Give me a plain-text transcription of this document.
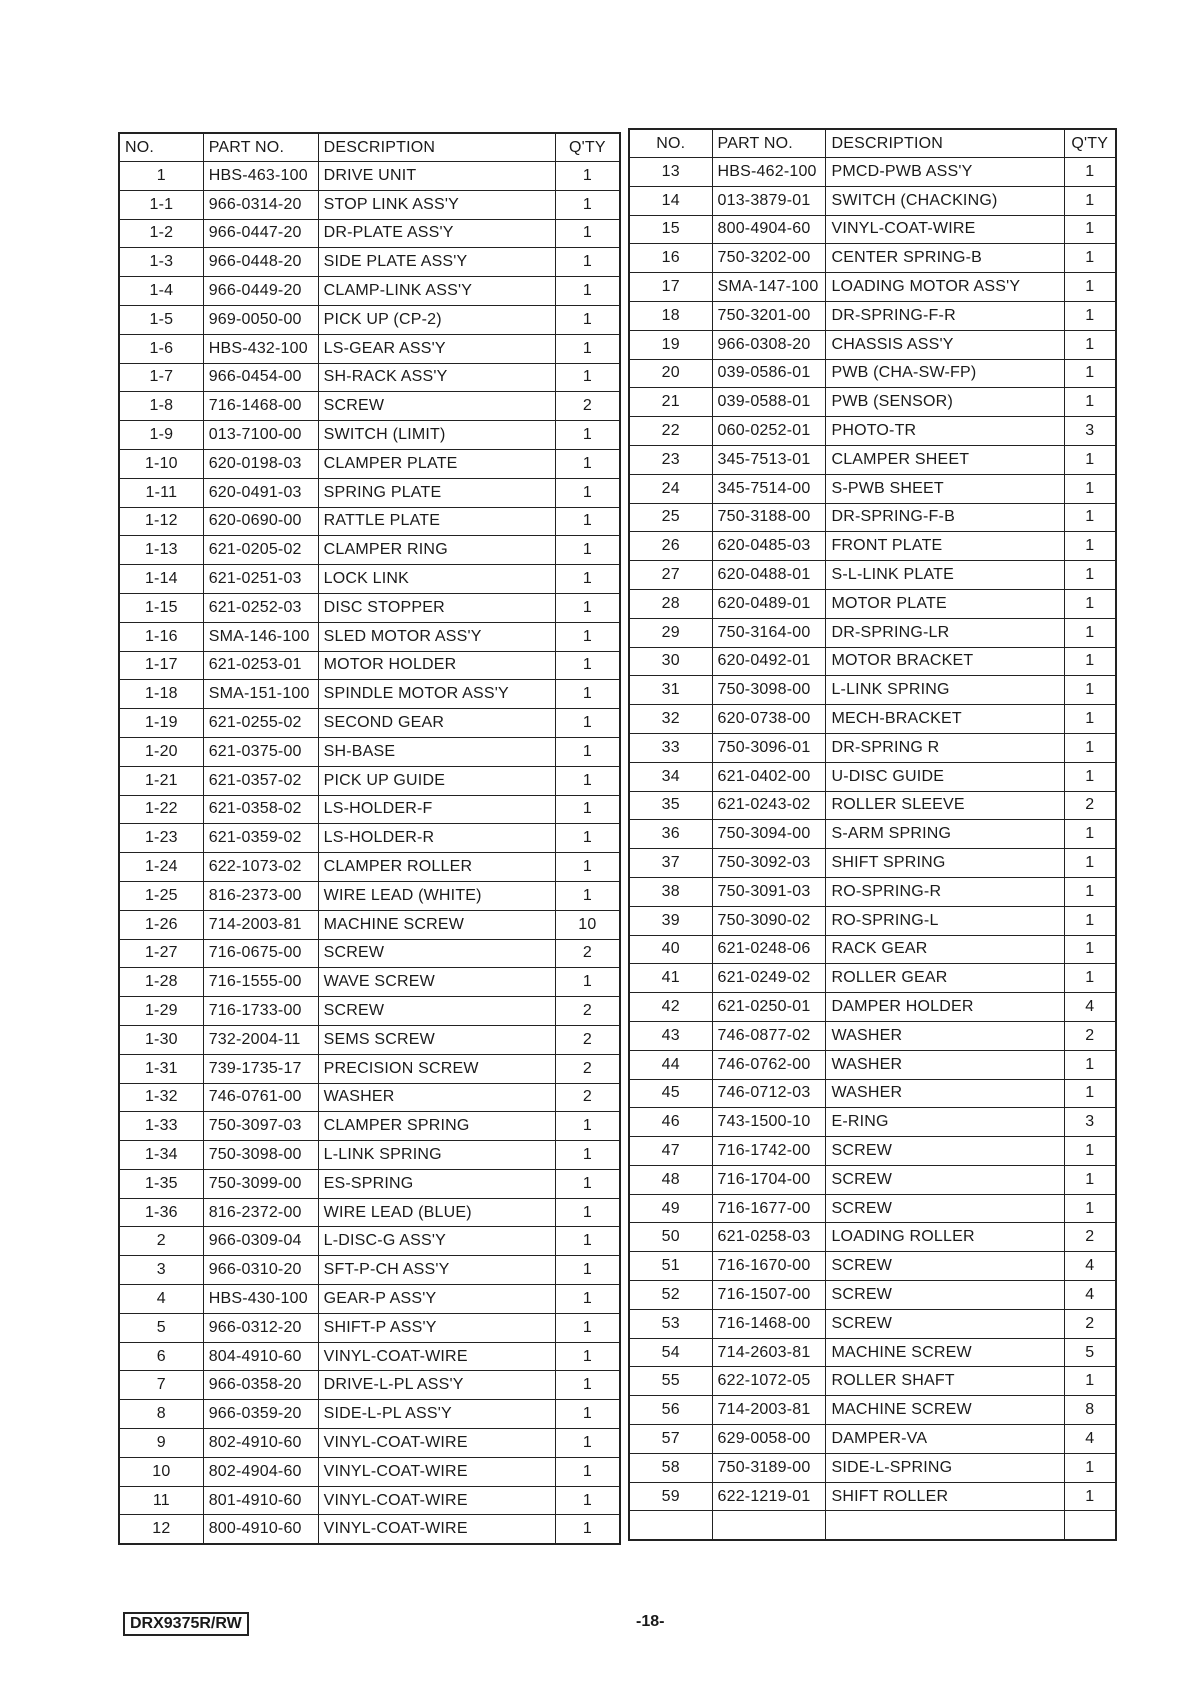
NO.	PART NO.	DESCRIPTION	Q'TY
1	HBS-463-100	DRIVE UNIT	1
1-1	966-0314-20	STOP LINK ASS'Y	1
1-2	966-0447-20	DR-PLATE ASS'Y	1
1-3	966-0448-20	SIDE PLATE ASS'Y	1
1-4	966-0449-20	CLAMP-LINK ASS'Y	1
1-5	969-0050-00	PICK UP (CP-2)	1
1-6	HBS-432-100	LS-GEAR ASS'Y	1
1-7	966-0454-00	SH-RACK ASS'Y	1
1-8	716-1468-00	SCREW	2
1-9	013-7100-00	SWITCH (LIMIT)	1
1-10	620-0198-03	CLAMPER PLATE	1
1-11	620-0491-03	SPRING PLATE	1
1-12	620-0690-00	RATTLE PLATE	1
1-13	621-0205-02	CLAMPER RING	1
1-14	621-0251-03	LOCK LINK	1
1-15	621-0252-03	DISC STOPPER	1
1-16	SMA-146-100	SLED MOTOR ASS'Y	1
1-17	621-0253-01	MOTOR HOLDER	1
1-18	SMA-151-100	SPINDLE MOTOR ASS'Y	1
1-19	621-0255-02	SECOND GEAR	1
1-20	621-0375-00	SH-BASE	1
1-21	621-0357-02	PICK UP GUIDE	1
1-22	621-0358-02	LS-HOLDER-F	1
1-23	621-0359-02	LS-HOLDER-R	1
1-24	622-1073-02	CLAMPER ROLLER	1
1-25	816-2373-00	WIRE LEAD (WHITE)	1
1-26	714-2003-81	MACHINE SCREW	10
1-27	716-0675-00	SCREW	2
1-28	716-1555-00	WAVE SCREW	1
1-29	716-1733-00	SCREW	2
1-30	732-2004-11	SEMS SCREW	2
1-31	739-1735-17	PRECISION SCREW	2
1-32	746-0761-00	WASHER	2
1-33	750-3097-03	CLAMPER SPRING	1
1-34	750-3098-00	L-LINK SPRING	1
1-35	750-3099-00	ES-SPRING	1
1-36	816-2372-00	WIRE LEAD (BLUE)	1
2	966-0309-04	L-DISC-G ASS'Y	1
3	966-0310-20	SFT-P-CH ASS'Y	1
4	HBS-430-100	GEAR-P ASS'Y	1
5	966-0312-20	SHIFT-P ASS'Y	1
6	804-4910-60	VINYL-COAT-WIRE	1
7	966-0358-20	DRIVE-L-PL ASS'Y	1
8	966-0359-20	SIDE-L-PL ASS'Y	1
9	802-4910-60	VINYL-COAT-WIRE	1
10	802-4904-60	VINYL-COAT-WIRE	1
11	801-4910-60	VINYL-COAT-WIRE	1
12	800-4910-60	VINYL-COAT-WIRE	1
NO.	PART NO.	DESCRIPTION	Q'TY
13	HBS-462-100	PMCD-PWB ASS'Y	1
14	013-3879-01	SWITCH (CHACKING)	1
15	800-4904-60	VINYL-COAT-WIRE	1
16	750-3202-00	CENTER SPRING-B	1
17	SMA-147-100	LOADING MOTOR ASS'Y	1
18	750-3201-00	DR-SPRING-F-R	1
19	966-0308-20	CHASSIS ASS'Y	1
20	039-0586-01	PWB (CHA-SW-FP)	1
21	039-0588-01	PWB (SENSOR)	1
22	060-0252-01	PHOTO-TR	3
23	345-7513-01	CLAMPER SHEET	1
24	345-7514-00	S-PWB SHEET	1
25	750-3188-00	DR-SPRING-F-B	1
26	620-0485-03	FRONT PLATE	1
27	620-0488-01	S-L-LINK PLATE	1
28	620-0489-01	MOTOR PLATE	1
29	750-3164-00	DR-SPRING-LR	1
30	620-0492-01	MOTOR BRACKET	1
31	750-3098-00	L-LINK SPRING	1
32	620-0738-00	MECH-BRACKET	1
33	750-3096-01	DR-SPRING R	1
34	621-0402-00	U-DISC GUIDE	1
35	621-0243-02	ROLLER SLEEVE	2
36	750-3094-00	S-ARM SPRING	1
37	750-3092-03	SHIFT SPRING	1
38	750-3091-03	RO-SPRING-R	1
39	750-3090-02	RO-SPRING-L	1
40	621-0248-06	RACK GEAR	1
41	621-0249-02	ROLLER GEAR	1
42	621-0250-01	DAMPER HOLDER	4
43	746-0877-02	WASHER	2
44	746-0762-00	WASHER	1
45	746-0712-03	WASHER	1
46	743-1500-10	E-RING	3
47	716-1742-00	SCREW	1
48	716-1704-00	SCREW	1
49	716-1677-00	SCREW	1
50	621-0258-03	LOADING ROLLER	2
51	716-1670-00	SCREW	4
52	716-1507-00	SCREW	4
53	716-1468-00	SCREW	2
54	714-2603-81	MACHINE SCREW	5
55	622-1072-05	ROLLER SHAFT	1
56	714-2003-81	MACHINE SCREW	8
57	629-0058-00	DAMPER-VA	4
58	750-3189-00	SIDE-L-SPRING	1
59	622-1219-01	SHIFT ROLLER	1

DRX9375R/RW	-18-
